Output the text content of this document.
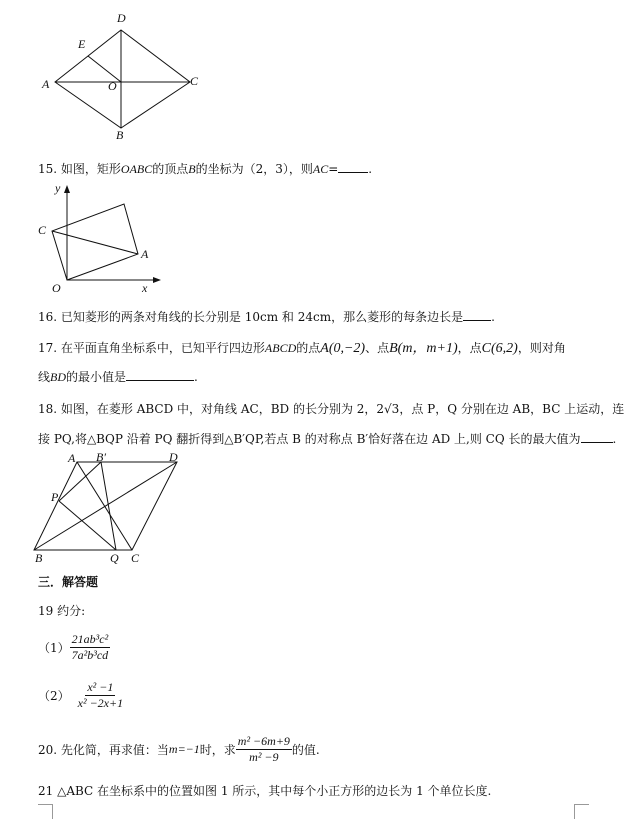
D
E
A	O	C
B
15. 如图，矩形OABC的顶点B的坐标为（2，3），则AC=	.
y
C
A
O	x
16. 已知菱形的两条对角线的长分别是 10cm 和 24cm，那么菱形的每条边长是 .
17. 在平面直角坐标系中，已知平行四边形ABCD的点A(0,−2)、点B(m，m+1)，点C(6,2)，则对角
线BD的最小值是	.
18. 如图，在菱形 ABCD 中，对角线 AC，BD 的长分别为 2，2√3，点 P，Q 分别在边 AB，BC 上运动，连
接 PQ,将△BQP 沿着 PQ 翻折得到△B′QP,若点 B 的对称点 B′恰好落在边 AD 上,则 CQ 长的最大值为	.
A B′	D
P
B	Q C
三．解答题
19 约分:
$(1) \frac{\text{21ab³c²}}{\text{7a²b³cd}}$
$(2) \frac{\text{x² −1}}{\text{x² −2x+1}}$
20. 先化简，再求值：当 m=−1 时，求 $\frac{\text{m² −6m+9}}{\text{m² −9}}$ 的值.
21 △ABC 在坐标系中的位置如图 1 所示，其中每个小正方形的边长为 1 个单位长度.
